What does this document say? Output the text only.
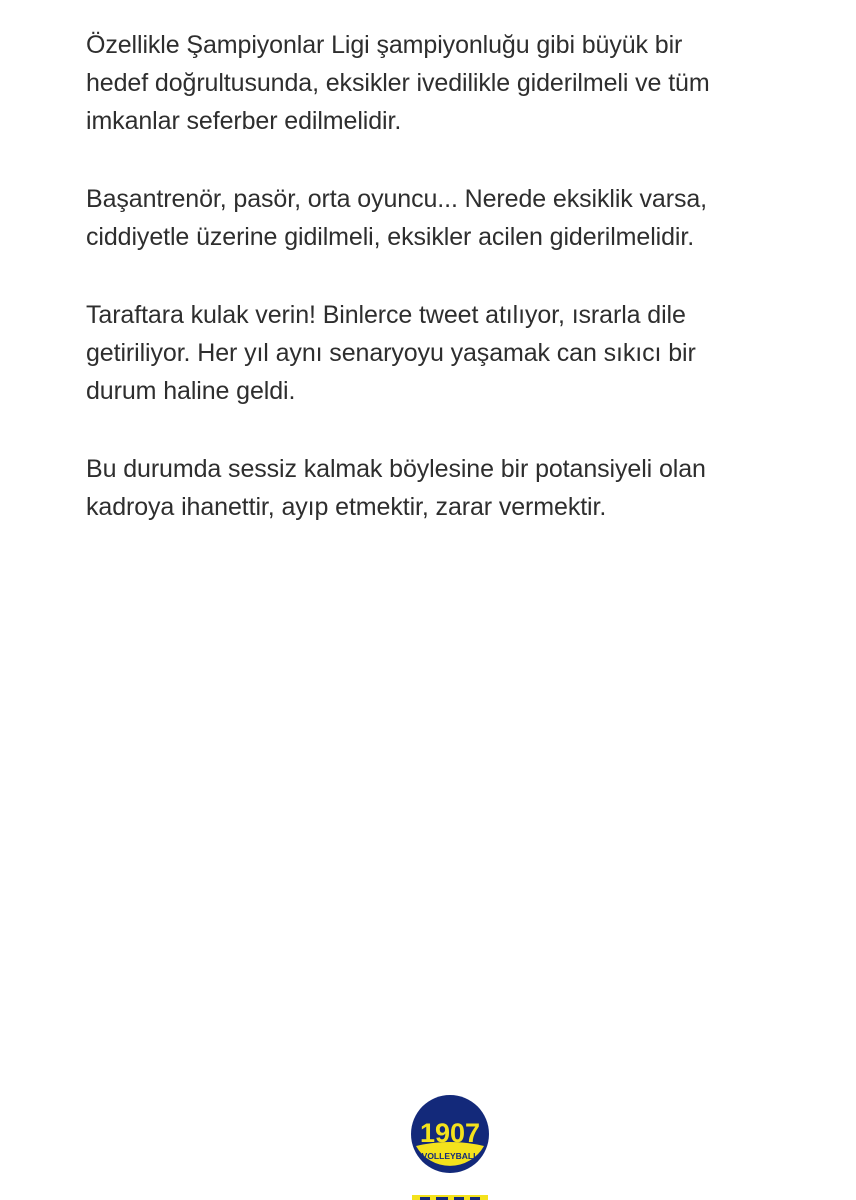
Özellikle Şampiyonlar Ligi şampiyonluğu gibi büyük bir
hedef doğrultusunda, eksikler ivedilikle giderilmeli ve tüm
imkanlar seferber edilmelidir.

Başantrenör, pasör, orta oyuncu... Nerede eksiklik varsa,
ciddiyetle üzerine gidilmeli, eksikler acilen giderilmelidir.

Taraftara kulak verin! Binlerce tweet atılıyor, ısrarla dile
getiriliyor. Her yıl aynı senaryoyu yaşamak can sıkıcı bir
durum haline geldi.

Bu durumda sessiz kalmak böylesine bir potansiyeli olan
kadroya ihanettir, ayıp etmektir, zarar vermektir.

1907
VOLLEYBALL
